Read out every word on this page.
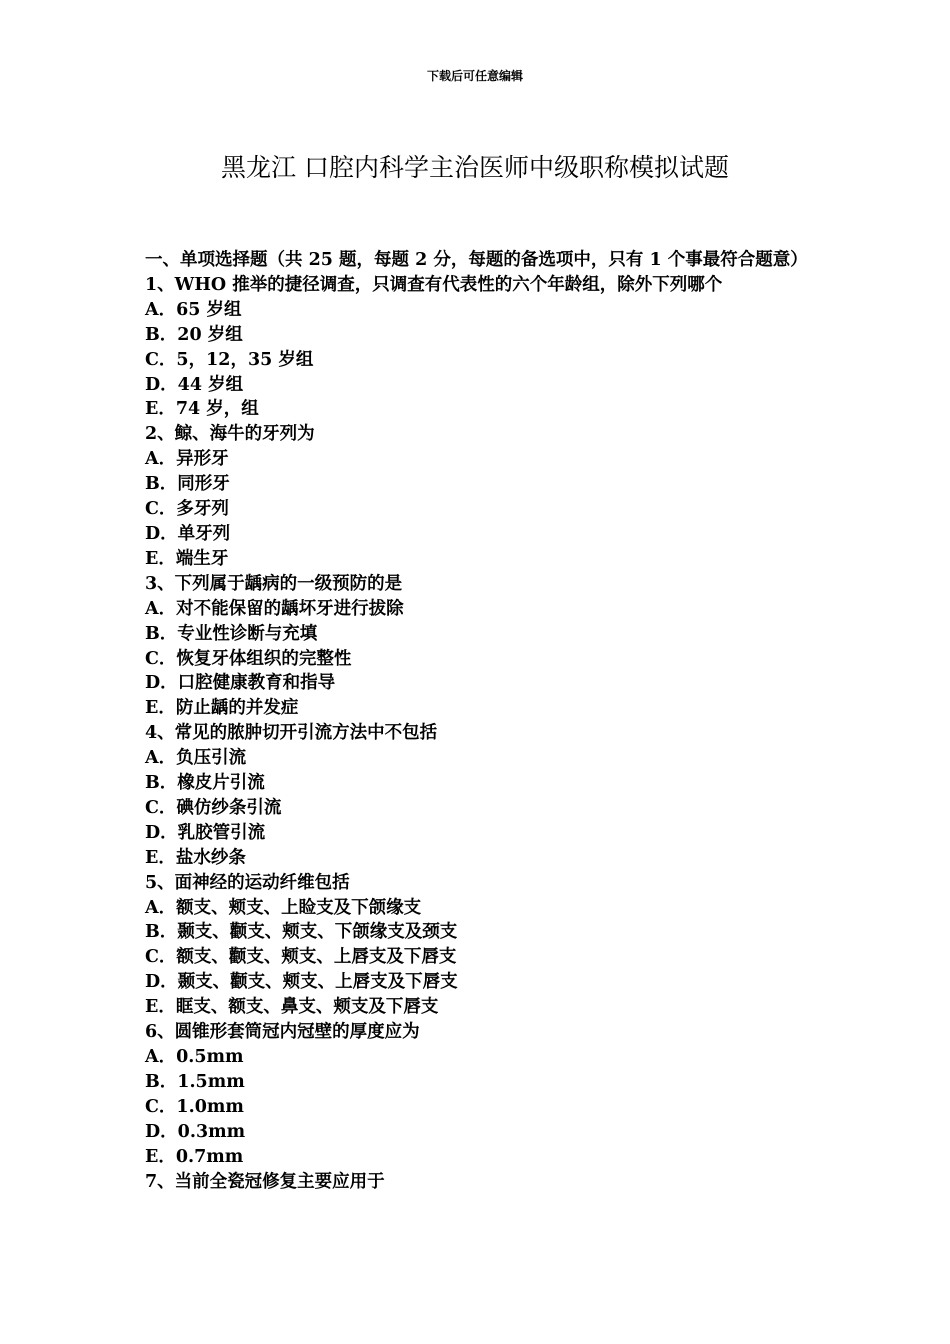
下载后可任意编辑
黑龙江 口腔内科学主治医师中级职称模拟试题

一、单项选择题（共 25 题，每题 2 分，每题的备选项中，只有 1 个事最符合题意）

1、WHO 推举的捷径调查，只调查有代表性的六个年龄组，除外下列哪个

A．65 岁组

B．20 岁组

C．5，12，35 岁组

D．44 岁组

E．74 岁，组

2、鲸、海牛的牙列为

A．异形牙

B．同形牙

C．多牙列

D．单牙列

E．端生牙

3、下列属于龋病的一级预防的是

A．对不能保留的龋坏牙进行拔除

B．专业性诊断与充填

C．恢复牙体组织的完整性

D．口腔健康教育和指导

E．防止龋的并发症

4、常见的脓肿切开引流方法中不包括

A．负压引流

B．橡皮片引流

C．碘仿纱条引流

D．乳胶管引流

E．盐水纱条

5、面神经的运动纤维包括

A．额支、颊支、上睑支及下颌缘支

B．颞支、颧支、颊支、下颌缘支及颈支

C．额支、颧支、颊支、上唇支及下唇支

D．颞支、颧支、颊支、上唇支及下唇支

E．眶支、额支、鼻支、颊支及下唇支

6、圆锥形套筒冠内冠壁的厚度应为

A．0.5mm

B．1.5mm

C．1.0mm

D．0.3mm

E．0.7mm

7、当前全瓷冠修复主要应用于
